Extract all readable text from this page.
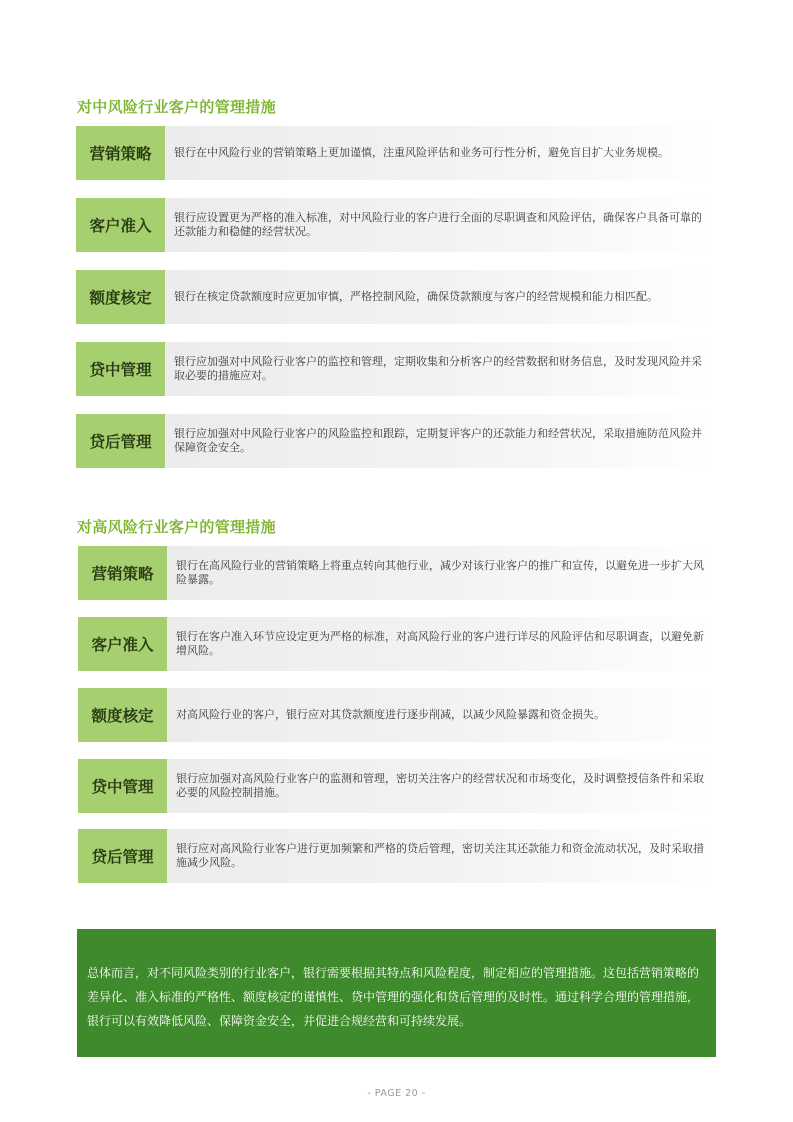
对中风险行业客户的管理措施
营销策略	银行在中风险行业的营销策略上更加谨慎，注重风险评估和业务可行性分析，避免盲目扩大业务规模。
客户准入	银行应设置更为严格的准入标准，对中风险行业的客户进行全面的尽职调查和风险评估，确保客户具备可靠的还款能力和稳健的经营状况。
额度核定	银行在核定贷款额度时应更加审慎，严格控制风险，确保贷款额度与客户的经营规模和能力相匹配。
贷中管理	银行应加强对中风险行业客户的监控和管理，定期收集和分析客户的经营数据和财务信息，及时发现风险并采取必要的措施应对。
贷后管理	银行应加强对中风险行业客户的风险监控和跟踪，定期复评客户的还款能力和经营状况，采取措施防范风险并保障资金安全。
对高风险行业客户的管理措施
营销策略	银行在高风险行业的营销策略上将重点转向其他行业，减少对该行业客户的推广和宣传，以避免进一步扩大风险暴露。
客户准入	银行在客户准入环节应设定更为严格的标准，对高风险行业的客户进行详尽的风险评估和尽职调查，以避免新增风险。
额度核定	对高风险行业的客户，银行应对其贷款额度进行逐步削减，以减少风险暴露和资金损失。
贷中管理	银行应加强对高风险行业客户的监测和管理，密切关注客户的经营状况和市场变化，及时调整授信条件和采取必要的风险控制措施。
贷后管理	银行应对高风险行业客户进行更加频繁和严格的贷后管理，密切关注其还款能力和资金流动状况，及时采取措施减少风险。
总体而言，对不同风险类别的行业客户，银行需要根据其特点和风险程度，制定相应的管理措施。这包括营销策略的差异化、准入标准的严格性、额度核定的谨慎性、贷中管理的强化和贷后管理的及时性。通过科学合理的管理措施，银行可以有效降低风险、保障资金安全，并促进合规经营和可持续发展。
- PAGE 20 -
